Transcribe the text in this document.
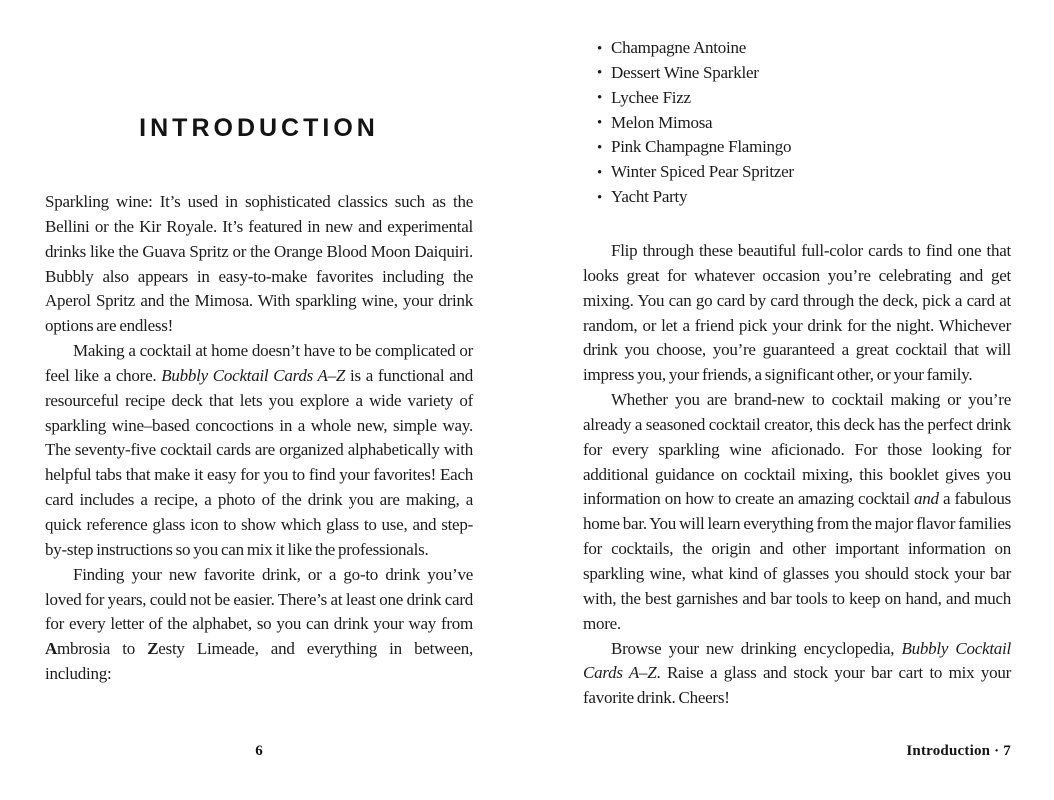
INTRODUCTION

Sparkling wine: It’s used in sophisticated classics such as the Bellini or the Kir Royale. It’s featured in new and experimental drinks like the Guava Spritz or the Orange Blood Moon Daiquiri. Bubbly also appears in easy-to-make favorites including the Aperol Spritz and the Mimosa. With sparkling wine, your drink options are endless!

Making a cocktail at home doesn’t have to be complicated or feel like a chore. Bubbly Cocktail Cards A–Z is a functional and resourceful recipe deck that lets you explore a wide variety of sparkling wine–based concoctions in a whole new, simple way. The seventy-five cocktail cards are organized alphabetically with helpful tabs that make it easy for you to find your favorites! Each card includes a recipe, a photo of the drink you are making, a quick reference glass icon to show which glass to use, and step-by-step instructions so you can mix it like the professionals.

Finding your new favorite drink, or a go-to drink you’ve loved for years, could not be easier. There’s at least one drink card for every letter of the alphabet, so you can drink your way from Ambrosia to Zesty Limeade, and everything in between, including:

6
• Champagne Antoine
• Dessert Wine Sparkler
• Lychee Fizz
• Melon Mimosa
• Pink Champagne Flamingo
• Winter Spiced Pear Spritzer
• Yacht Party

Flip through these beautiful full-color cards to find one that looks great for whatever occasion you’re celebrating and get mixing. You can go card by card through the deck, pick a card at random, or let a friend pick your drink for the night. Whichever drink you choose, you’re guaranteed a great cocktail that will impress you, your friends, a significant other, or your family.

Whether you are brand-new to cocktail making or you’re already a seasoned cocktail creator, this deck has the perfect drink for every sparkling wine aficionado. For those looking for additional guidance on cocktail mixing, this booklet gives you information on how to create an amazing cocktail and a fabulous home bar. You will learn everything from the major flavor families for cocktails, the origin and other important information on sparkling wine, what kind of glasses you should stock your bar with, the best garnishes and bar tools to keep on hand, and much more.

Browse your new drinking encyclopedia, Bubbly Cocktail Cards A–Z. Raise a glass and stock your bar cart to mix your favorite drink. Cheers!

Introduction · 7
